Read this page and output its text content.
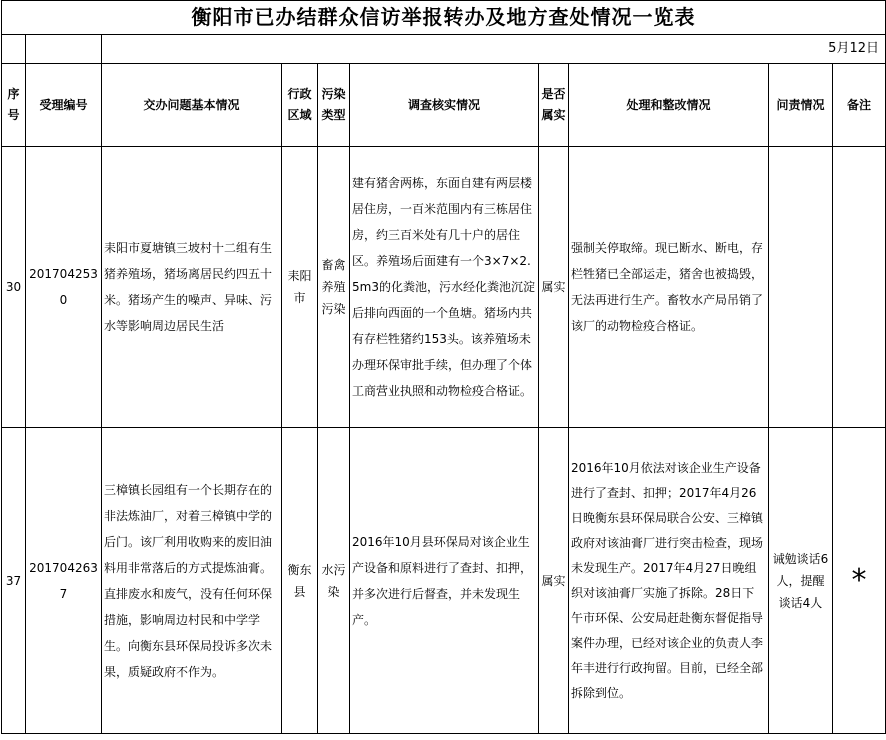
衡阳市已办结群众信访举报转办及地方查处情况一览表									
		5月12日							
序号	受理编号	交办问题基本情况	行政区域	污染类型	调查核实情况	是否属实	处理和整改情况	问责情况	备注
30	2017042530	耒阳市夏塘镇三坡村十二组有生猪养殖场，猪场离居民约四五十米。猪场产生的噪声、异味、污水等影响周边居民生活	耒阳市	畜禽养殖污染	建有猪舍两栋，东面自建有两层楼居住房，一百米范围内有三栋居住房，约三百米处有几十户的居住区。养殖场后面建有一个3×7×2.5m3的化粪池，污水经化粪池沉淀后排向西面的一个鱼塘。猪场内共有存栏牲猪约153头。该养殖场未办理环保审批手续，但办理了个体工商营业执照和动物检疫合格证。	属实	强制关停取缔。现已断水、断电，存栏牲猪已全部运走，猪舍也被捣毁，无法再进行生产。畜牧水产局吊销了该厂的动物检疫合格证。		
37	2017042637	三樟镇长园组有一个长期存在的非法炼油厂，对着三樟镇中学的后门。该厂利用收购来的废旧油料用非常落后的方式提炼油膏。直排废水和废气，没有任何环保措施，影响周边村民和中学学生。向衡东县环保局投诉多次未果，质疑政府不作为。	衡东县	水污染	2016年10月县环保局对该企业生产设备和原料进行了查封、扣押，并多次进行后督查，并未发现生产。	属实	2016年10月依法对该企业生产设备进行了查封、扣押；2017年4月26日晚衡东县环保局联合公安、三樟镇政府对该油膏厂进行突击检查，现场未发现生产。2017年4月27日晚组织对该油膏厂实施了拆除。28日下午市环保、公安局赶赴衡东督促指导案件办理，已经对该企业的负责人李年丰进行行政拘留。目前，已经全部拆除到位。	诫勉谈话6人，提醒谈话4人	*
